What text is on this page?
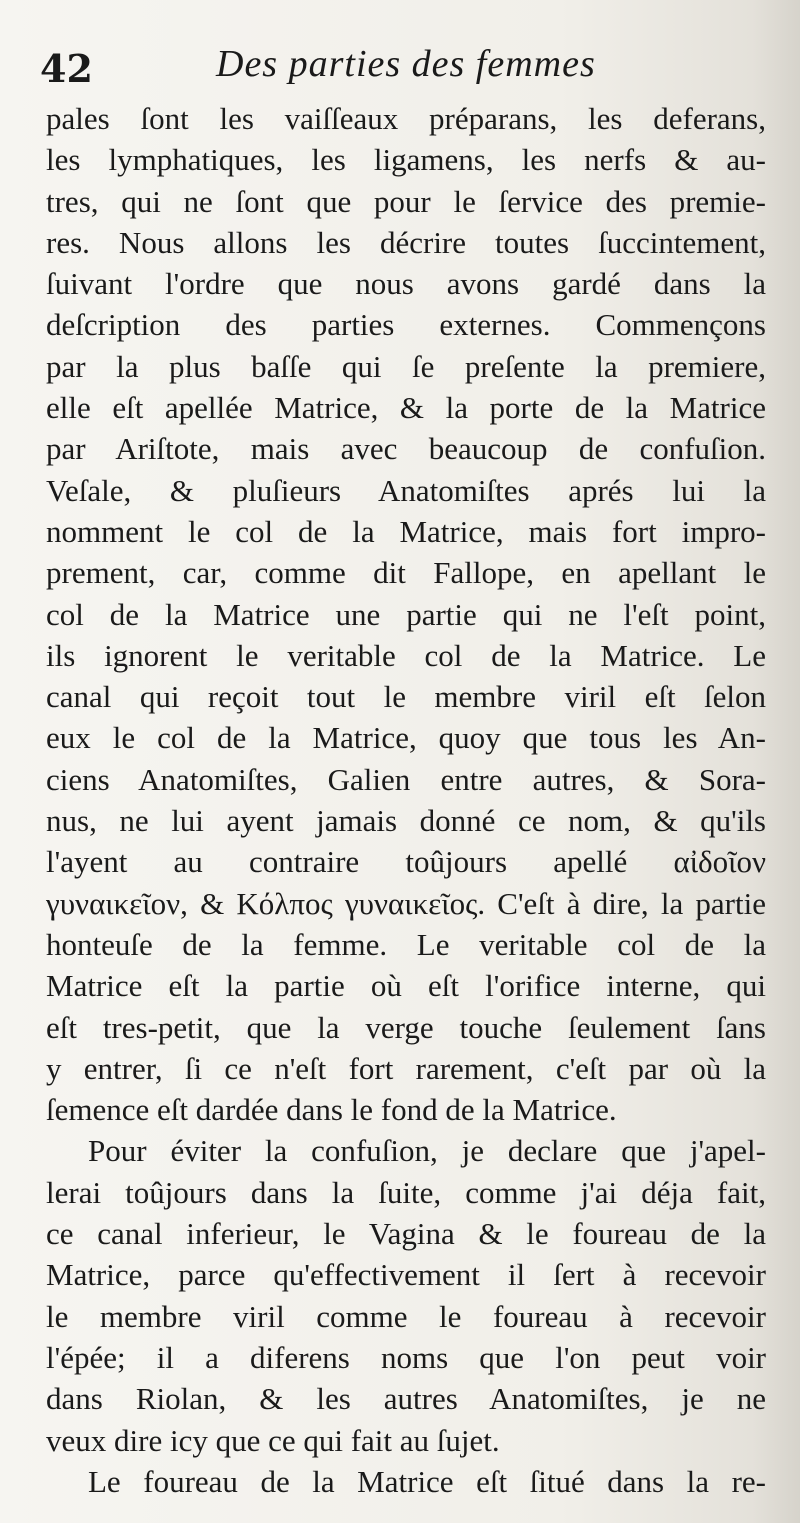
42	Des parties des femmes
pales ſont les vaiſſeaux préparans, les deferans,
les lymphatiques, les ligamens, les nerfs & au-
tres, qui ne ſont que pour le ſervice des premie-
res. Nous allons les décrire toutes ſuccintement,
ſuivant l'ordre que nous avons gardé dans la
deſcription des parties externes. Commençons
par la plus baſſe qui ſe preſente la premiere,
elle eſt apellée Matrice, & la porte de la Matrice
par Ariſtote, mais avec beaucoup de confuſion.
Veſale, & pluſieurs Anatomiſtes aprés lui la
nomment le col de la Matrice, mais fort impro-
prement, car, comme dit Fallope, en apellant le
col de la Matrice une partie qui ne l'eſt point,
ils ignorent le veritable col de la Matrice. Le
canal qui reçoit tout le membre viril eſt ſelon
eux le col de la Matrice, quoy que tous les An-
ciens Anatomiſtes, Galien entre autres, & Sora-
nus, ne lui ayent jamais donné ce nom, & qu'ils
l'ayent au contraire toûjours apellé αἰδοῖον
γυναικεῖον, & Κόλπος γυναικεῖος. C'eſt à dire, la partie
honteuſe de la femme. Le veritable col de la
Matrice eſt la partie où eſt l'orifice interne, qui
eſt tres-petit, que la verge touche ſeulement ſans
y entrer, ſi ce n'eſt fort rarement, c'eſt par où la
ſemence eſt dardée dans le fond de la Matrice.
Pour éviter la confuſion, je declare que j'apel-
lerai toûjours dans la ſuite, comme j'ai déja fait,
ce canal inferieur, le Vagina & le foureau de la
Matrice, parce qu'effectivement il ſert à recevoir
le membre viril comme le foureau à recevoir
l'épée; il a diferens noms que l'on peut voir
dans Riolan, & les autres Anatomiſtes, je ne
veux dire icy que ce qui fait au ſujet.
Le foureau de la Matrice eſt ſitué dans la re-
